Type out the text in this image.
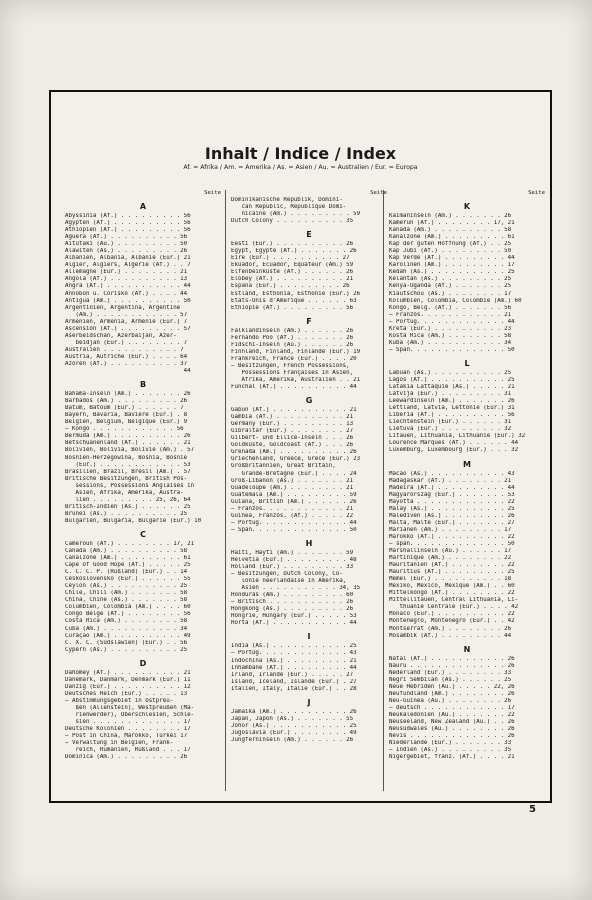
Inhalt / Indice / Index
Af. = Afrika / Am. = Amerika / As. = Asien / Au. = Australien / Eur. = Europa
Seite
A
Abyssinia (Af.) . . . . . . . . . 56
Ägypten (Af.) . . . . . . . . . . 56
Äthiopien (Af.) . . . . . . . . . 56
Aguera (Af.) . . . . . . . . . . 56
Aitutaki (Au.) . . . . . . . . . 50
Alawiten (As.) . . . . . . . . . 26
Albanien, Albania, Albanie (Eur.) 21
Algier, Algiers, Algérie (Af.) . . 7
Allemagne (Eur.) . . . . . . . . 21
Angola (Af.) . . . . . . . . . . 13
Angra (Af.) . . . . . . . . . . . 44
Annobon u. Corisko (Af.) . . . . 44
Antigua (Am.) . . . . . . . . . . 50
Argentinien, Argentina, Argentine
(Am.) . . . . . . . . . . . . 57
Armenien, Armenia, Arménie (Eur.) 7
Ascension (Af.) . . . . . . . . . 57
Aserbeidschan, Azerbaijan, Azer-
beidjan (Eur.) . . . . . . . . 7
Australien . . . . . . . . . . . 7
Austria, Autriche (Eur.) . . . . 64
Azoren (Af.) . . . . . . . . . . 37
44
B
Bahama-Inseln (Am.) . . . . . . . 26
Barbados (Am.) . . . . . . . . . 26
Batum, Batoum (Eur.) . . . . . . 7
Bayern, Bavaria, Bavière (Eur.) . 8
Belgien, Belgium, Belgique (Eur.) 9
— Kongo . . . . . . . . . . . . 56
Bermuda (Am.) . . . . . . . . . . 26
Betschuanenland (Af.) . . . . . . 21
Bolivien, Bolivia, Bolivie (Am.) . 57
Bosnien-Herzegowina, Bosnia, Bosnie
(Eur.) . . . . . . . . . . . . 53
Brasilien, Brazil, Brésil (Am.) . 57
Britische Besitzungen, British Pos-
sessions, Possessions Anglaises in
Asien, Afrika, Amerika, Austra-
lien . . . . . . . . . 25, 26, 64
Britisch-Indien (As.) . . . . . . 25
Brunei (As.) . . . . . . . . . . 25
Bulgarien, Bulgaria, Bulgarie (Eur.) 10
C
Cameroun (Af.) . . . . . . . . 17, 21
Canada (Am.) . . . . . . . . . . 58
Canalzone (Am.) . . . . . . . . . 61
Cape of Good Hope (Af.) . . . . . 25
C. C. C. P. (Rußland) (Eur.) . . 14
Ceskoslovensko (Eur.) . . . . . . 55
Ceylon (As.) . . . . . . . . . . 25
Chile, Chili (Am.) . . . . . . . 58
China, Chine (As.) . . . . . . . 58
Columbien, Colombia (Am.) . . . . 60
Congo Belge (Af.) . . . . . . . . 56
Costa Rica (Am.) . . . . . . . . 58
Cuba (Am.) . . . . . . . . . . . 34
Curaçao (Am.) . . . . . . . . . . 49
C. X. C. (Südslawien) (Eur.) . . 56
Cypern (As.) . . . . . . . . . . 25
D
Dahomey (Af.) . . . . . . . . . . 21
Dänemark, Danmark, Denmark (Eur.) 11
Danzig (Eur.) . . . . . . . . . . 12
Deutsches Reich (Eur.) . . . . . 13
— Abstimmungsgebiet in Ostpreu-
ßen (Allenstein), Westpreußen (Ma-
rienwerder), Oberschlesien, Schle-
sien . . . . . . . . . . . . . 17
Deutsche Kolonien . . . . . . . . 17
— Post in China, Marokko, Türkei 17
— Verwaltung in Belgien, Frank-
reich, Rumänien, Rußland . . . 17
Dominica (Am.) . . . . . . . . . 26
Seite
Dominikanische Republik, Domini-
can Republic, République Domi-
nicaine (Am.) . . . . . . . . . 59
Dutch Colony . . . . . . . . . . 35
E
Eesti (Eur.) . . . . . . . . . . 26
Egypt, Égypte (Af.) . . . . . . . 26
Eire (Eur.) . . . . . . . . . . 27
Ekuador, Ecuador, Equateur (Am.) 59
Elfenbeinküste (Af.) . . . . . . 26
Elobey (Af.) . . . . . . . . . . 21
España (Eur.) . . . . . . . . . 26
Estland, Esthonia, Esthonie (Eur.) 26
États-Unis d'Amérique . . . . . . 63
Éthiopie (Af.) . . . . . . . . . 56
F
Falklandinseln (Am.) . . . . . . 26
Fernando Poo (Af.) . . . . . . . 26
Fidschi-Inseln (Au.) . . . . . . 26
Finnland, Finland, Finlande (Eur.) 19
Frankreich, France (Eur.) . . . . 20
— Besitzungen, French Possessions,
Possessions Françaises in Asien,
Afrika, Amerika, Australien . . 21
Funchal (Af.) . . . . . . . . . . 44
G
Gabun (Af.) . . . . . . . . . . . 21
Gambia (Af.) . . . . . . . . . . 21
Germany (Eur.) . . . . . . . . . 13
Gibraltar (Eur.) . . . . . . . . 27
Gilbert- und Ellice-Inseln . . . 26
Goldküste, Goldcoast (Af.) . . . 26
Grenada (Am.) . . . . . . . . . . 26
Griechenland, Greece, Grèce (Eur.) 23
Großbritannien, Great Britain,
Grande-Bretagne (Eur.) . . . . 24
Groß-Libanon (As.) . . . . . . . 21
Guadeloupe (Am.) . . . . . . . . 21
Guatemala (Am.) . . . . . . . . . 59
Guiana, British (Am.) . . . . . . 26
— Franzos. . . . . . . . . . . . 21
Guinea, Französ. (Af.) . . . . . 22
— Portug. . . . . . . . . . . . . 44
— Span. . . . . . . . . . . . . . 50
H
Haiti, Hayti (Am.) . . . . . . . 59
Helvetia (Eur.) . . . . . . . . . 48
Holland (Eur.) . . . . . . . . . 33
— Besitzungen, Dutch Colony, Co-
lonie néerlandaise in Amerika,
Asien . . . . . . . . . . . 34, 35
Honduras (Am.) . . . . . . . . . 60
— Britisch . . . . . . . . . . . 26
Hongkong (As.) . . . . . . . . . 26
Hongrie, Hungary (Eur.) . . . . . 53
Horta (Af.) . . . . . . . . . . . 44
I
India (As.) . . . . . . . . . . . 25
— Portug. . . . . . . . . . . . . 43
Indochina (As.) . . . . . . . . . 21
Inhambane (Af.) . . . . . . . . . 44
Irland, Irlande (Eur.) . . . . . 27
Island, Iceland, Islande (Eur.) . 27
Italien, Italy, Italie (Eur.) . . 28
J
Jamaika (Am.) . . . . . . . . . . 26
Japan, Japon (As.) . . . . . . . 55
Johor (As.) . . . . . . . . . . . 25
Jugoslavia (Eur.) . . . . . . . . 49
Jungferninseln (Am.) . . . . . . 26
Seite
K
Kaimaninseln (Am.) . . . . . . . 26
Kamerun (Af.) . . . . . . . . 17, 21
Kanada (Am.) . . . . . . . . . . 58
Kanalzone (Am.) . . . . . . . . . 61
Kap der guten Hoffnung (Af.) . . 25
Kap Jubi (Af.) . . . . . . . . . 50
Kap Verde (Af.) . . . . . . . . . 44
Karolinen (Am.) . . . . . . . . . 17
Kedah (As.) . . . . . . . . . . . 25
Kelantan (As.) . . . . . . . . . 25
Kenya-Uganda (Af.) . . . . . . . 25
Kiautschou (As.) . . . . . . . . 17
Kolumbien, Colombia, Colombie (Am.) 60
Kongo, Belg. (Af.) . . . . . . . 56
— Französ. . . . . . . . . . . . 21
— Portug. . . . . . . . . . . . . 44
Kreta (Eur.) . . . . . . . . . . 23
Kosta Rica (Am.) . . . . . . . . 58
Kuba (Am.) . . . . . . . . . . . 34
— Span. . . . . . . . . . . . . . 50
L
Labuan (As.) . . . . . . . . . . 25
Lagos (Af.) . . . . . . . . . . . 25
Latakia Lattaquie (As.) . . . . . 21
Latvija (Eur.) . . . . . . . . . 31
Leewardinseln (Am.) . . . . . . . 26
Lettland, Latvia, Lettonie (Eur.) 31
Liberia (Af.) . . . . . . . . . . 56
Liechtenstein (Eur.) . . . . . . 31
Lietuva (Eur.) . . . . . . . . . 32
Litauen, Lithuania, Lithuanie (Eur.) 32
Lourence Marques (Af.) . . . . . . 44
Luxemburg, Luxembourg (Eur.) . . . 32
M
Macao (As.) . . . . . . . . . . . 43
Madagaskar (Af.) . . . . . . . . 21
Madeira (Af.) . . . . . . . . . . 44
Magyarország (Eur.) . . . . . . . 53
Mayotta . . . . . . . . . . . . . 22
Malay (As.) . . . . . . . . . . . 25
Malediven (As.) . . . . . . . . . 26
Malta, Malte (Eur.) . . . . . . . 27
Marianen (Am.) . . . . . . . . . 17
Marokko (Af.) . . . . . . . . . . 22
— span. . . . . . . . . . . . . . 50
Marshallinseln (Au.) . . . . . . 17
Martinique (Am.) . . . . . . . . 22
Mauritanien (Af.) . . . . . . . . 22
Mauritius (Af.) . . . . . . . . . 25
Memel (Eur.) . . . . . . . . . . 18
Mexiko, Mexico, Mexique (Am.) . . 60
Mittelkongo (Af.) . . . . . . . . 22
Mittellitauen, Central Lithuania, Li-
thuanie Centrale (Eur.) . . . . 42
Monaco (Eur.) . . . . . . . . . . 22
Montenegro, Monténégro (Eur.) . . 42
Montserrat (Am.) . . . . . . . . 26
Mosambik (Af.) . . . . . . . . . 44
N
Natal (Af.) . . . . . . . . . . . 26
Nauru . . . . . . . . . . . . . . 26
Nederland (Eur.) . . . . . . . . 33
Negri Sembilan (As.) . . . . . . 25
Neue Hebriden (Au.) . . . . . 22, 26
Neufundland (Am.) . . . . . . . . 26
Neu-Guinea (Au.) . . . . . . . . 26
— deutsch . . . . . . . . . . . . 17
Neukaledonien (Au.) . . . . . . . 22
Neuseeland, New Zealand (Au.) . . 26
Neusüdwales (Au.) . . . . . . . . 26
Nevis . . . . . . . . . . . . . . 26
Niederlande (Eur.) . . . . . . . 33
— Indien (As.) . . . . . . . . . 35
Nigergebiet, franz. (Af.) . . . . 21
5
